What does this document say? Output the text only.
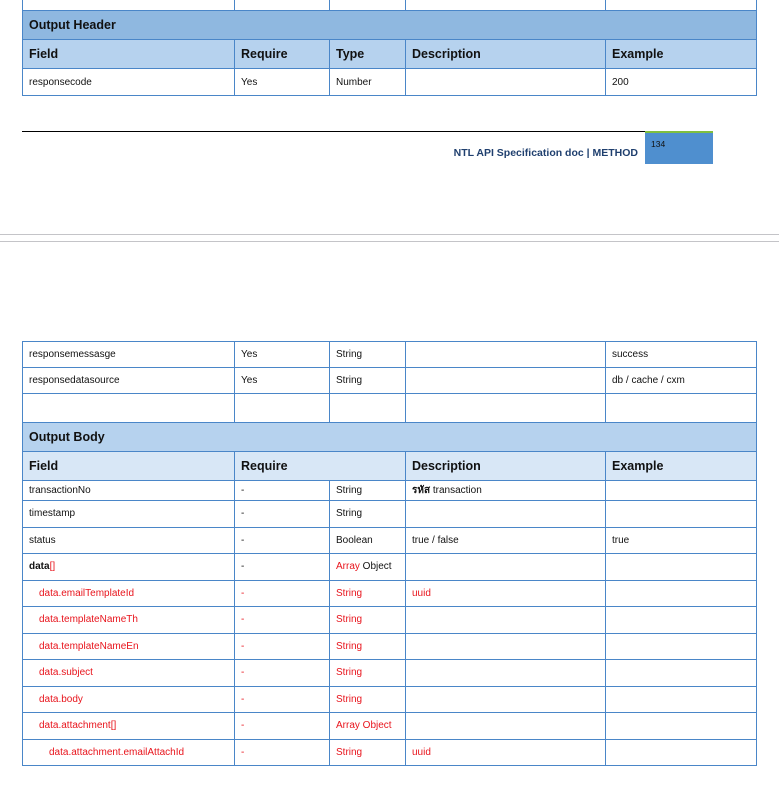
Output Header				
Field	Require	Type	Description	Example
responsecode	Yes	Number		200
NTL API Specification doc | METHOD
134
responsemessasge	Yes	String		success
responsedatasource	Yes	String		db / cache / cxm

Output Body				
Field	Require		Description	Example
transactionNo	-	String	รหัส transaction	
timestamp	-	String		
status	-	Boolean	true / false	true
data[]	-	Array Object		
data.emailTemplateId	-	String	uuid	
data.templateNameTh	-	String		
data.templateNameEn	-	String		
data.subject	-	String		
data.body	-	String		
data.attachment[]	-	Array Object		
data.attachment.emailAttachId	-	String	uuid	
